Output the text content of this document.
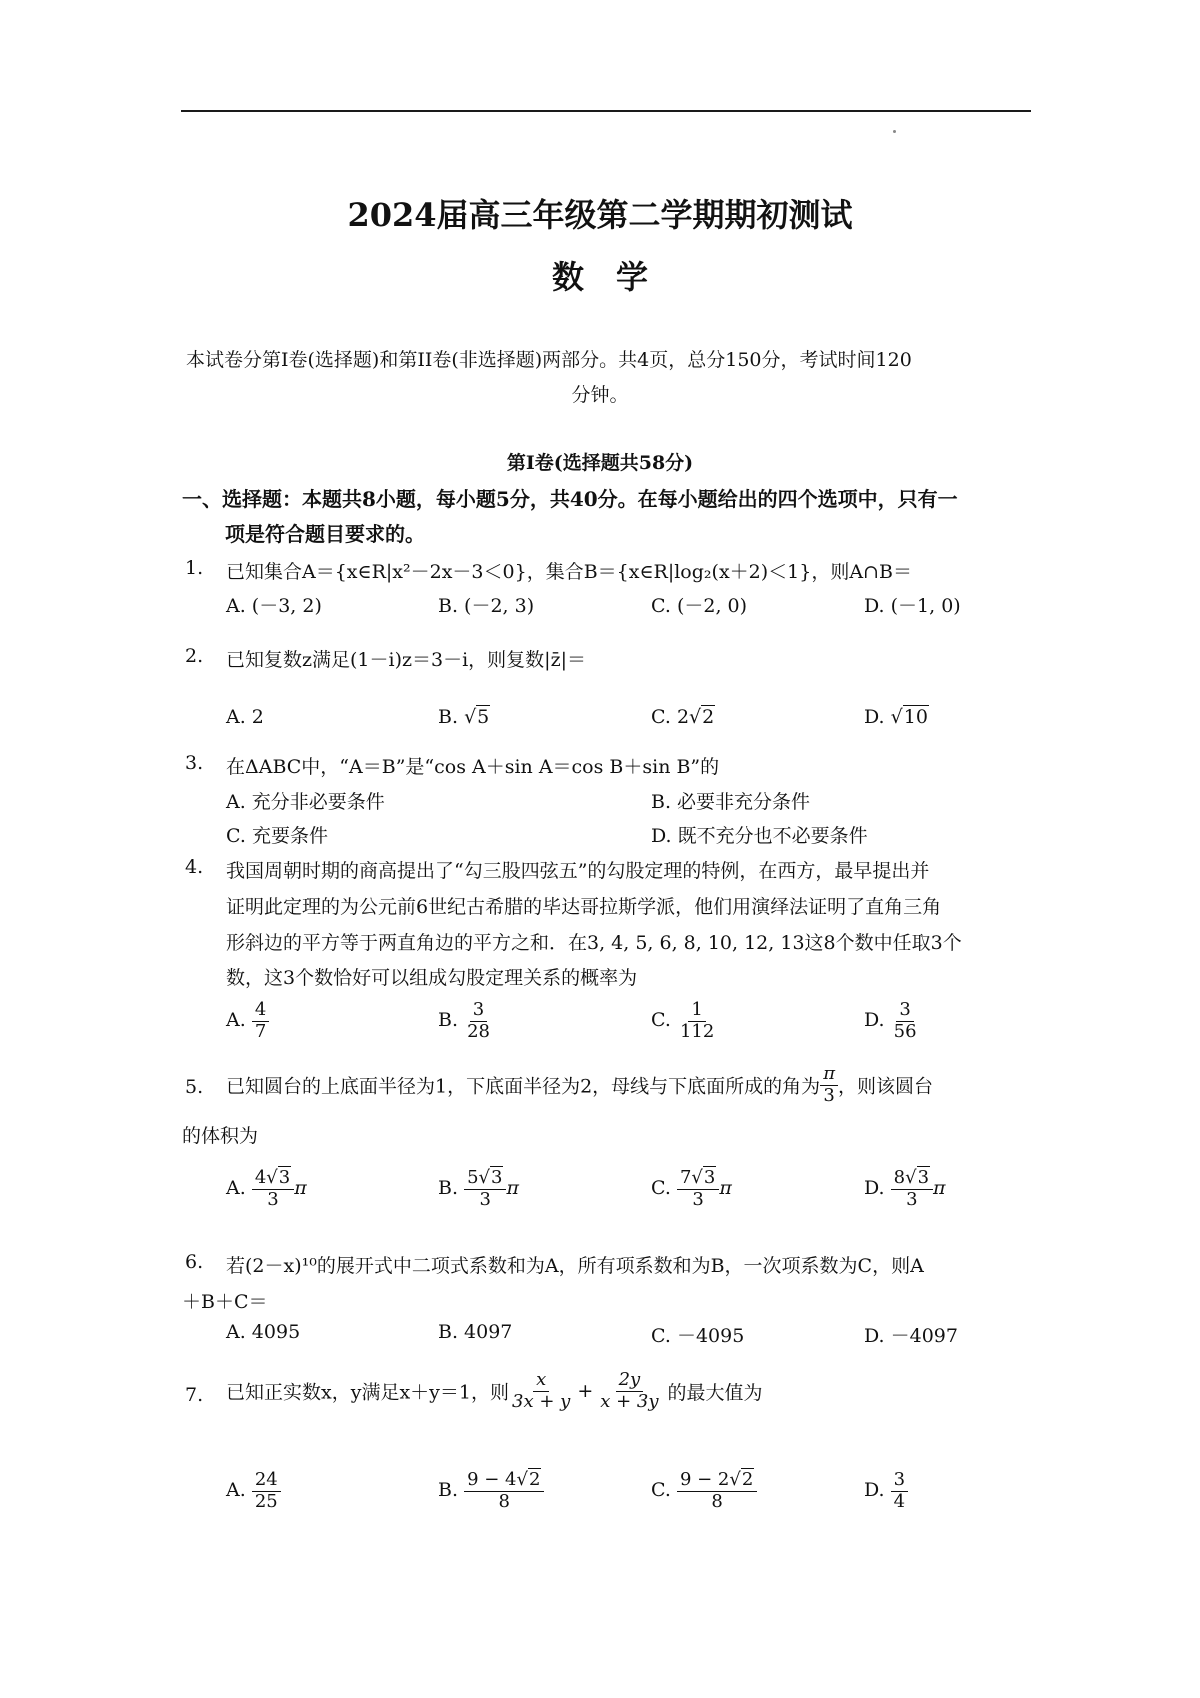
2024届高三年级第二学期期初测试
数　学
本试卷分第I卷(选择题)和第II卷(非选择题)两部分。共4页，总分150分，考试时间120
分钟。
第I卷(选择题共58分)
一、选择题：本题共8小题，每小题5分，共40分。在每小题给出的四个选项中，只有一
项是符合题目要求的。
1. 已知集合A＝{x∈R|x²－2x－3＜0}，集合B＝{x∈R|log₂(x＋2)＜1}，则A∩B＝
A. (－3, 2)	B. (－2, 3)	C. (－2, 0)	D. (－1, 0)
2. 已知复数z满足(1－i)z＝3－i，则复数|z̄|＝
A. 2	B. √5	C. 2√2	D. √10
3. 在ΔABC中，“A＝B”是“cos A＋sin A＝cos B＋sin B”的
A. 充分非必要条件	B. 必要非充分条件
C. 充要条件	D. 既不充分也不必要条件
4. 我国周朝时期的商高提出了“勾三股四弦五”的勾股定理的特例，在西方，最早提出并
证明此定理的为公元前6世纪古希腊的毕达哥拉斯学派，他们用演绎法证明了直角三角
形斜边的平方等于两直角边的平方之和．在3, 4, 5, 6, 8, 10, 12, 13这8个数中任取3个
数，这3个数恰好可以组成勾股定理关系的概率为
A. $\frac{4}{7}$	B. $\frac{3}{28}$	C. $\frac{1}{112}$	D. $\frac{3}{56}$
5. 已知圆台的上底面半径为1，下底面半径为2，母线与下底面所成的角为 $\frac{\pi}{3}$ ，则该圆台
的体积为
A. $\frac{4√3}{3}$ π	B. $\frac{5√3}{3}$ π	C. $\frac{7√3}{3}$ π	D. $\frac{8√3}{3}$ π
6. 若(2－x)¹⁰的展开式中二项式系数和为A，所有项系数和为B，一次项系数为C，则A
＋B＋C＝
A. 4095	B. 4097	C. －4095	D. －4097
7. 已知正实数x，y满足x＋y＝1，则 $\frac{x}{3x + y} + \frac{2y}{x + 3y}$ 的最大值为
A. $\frac{24}{25}$	B. $\frac{9 - 4√2}{8}$	C. $\frac{9 - 2√2}{8}$	D. $\frac{3}{4}$
